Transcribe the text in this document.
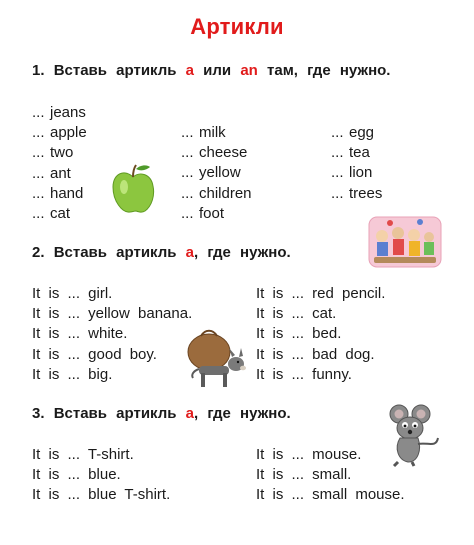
Артикли
1. Вставь артикль a или an там, где нужно.
... jeans
... apple
... two
... ant
... hand
... cat
... milk
... cheese
... yellow
... children
... foot
... egg
... tea
... lion
... trees
2. Вставь артикль a, где нужно.
It is ... girl.
It is ... yellow banana.
It is ... white.
It is ... good boy.
It is ... big.
It is ... red pencil.
It is ... cat.
It is ... bed.
It is ... bad dog.
It is ... funny.
3. Вставь артикль a, где нужно.
It is ... T-shirt.
It is ... blue.
It is ... blue T-shirt.
It is ... mouse.
It is ... small.
It is ... small mouse.
